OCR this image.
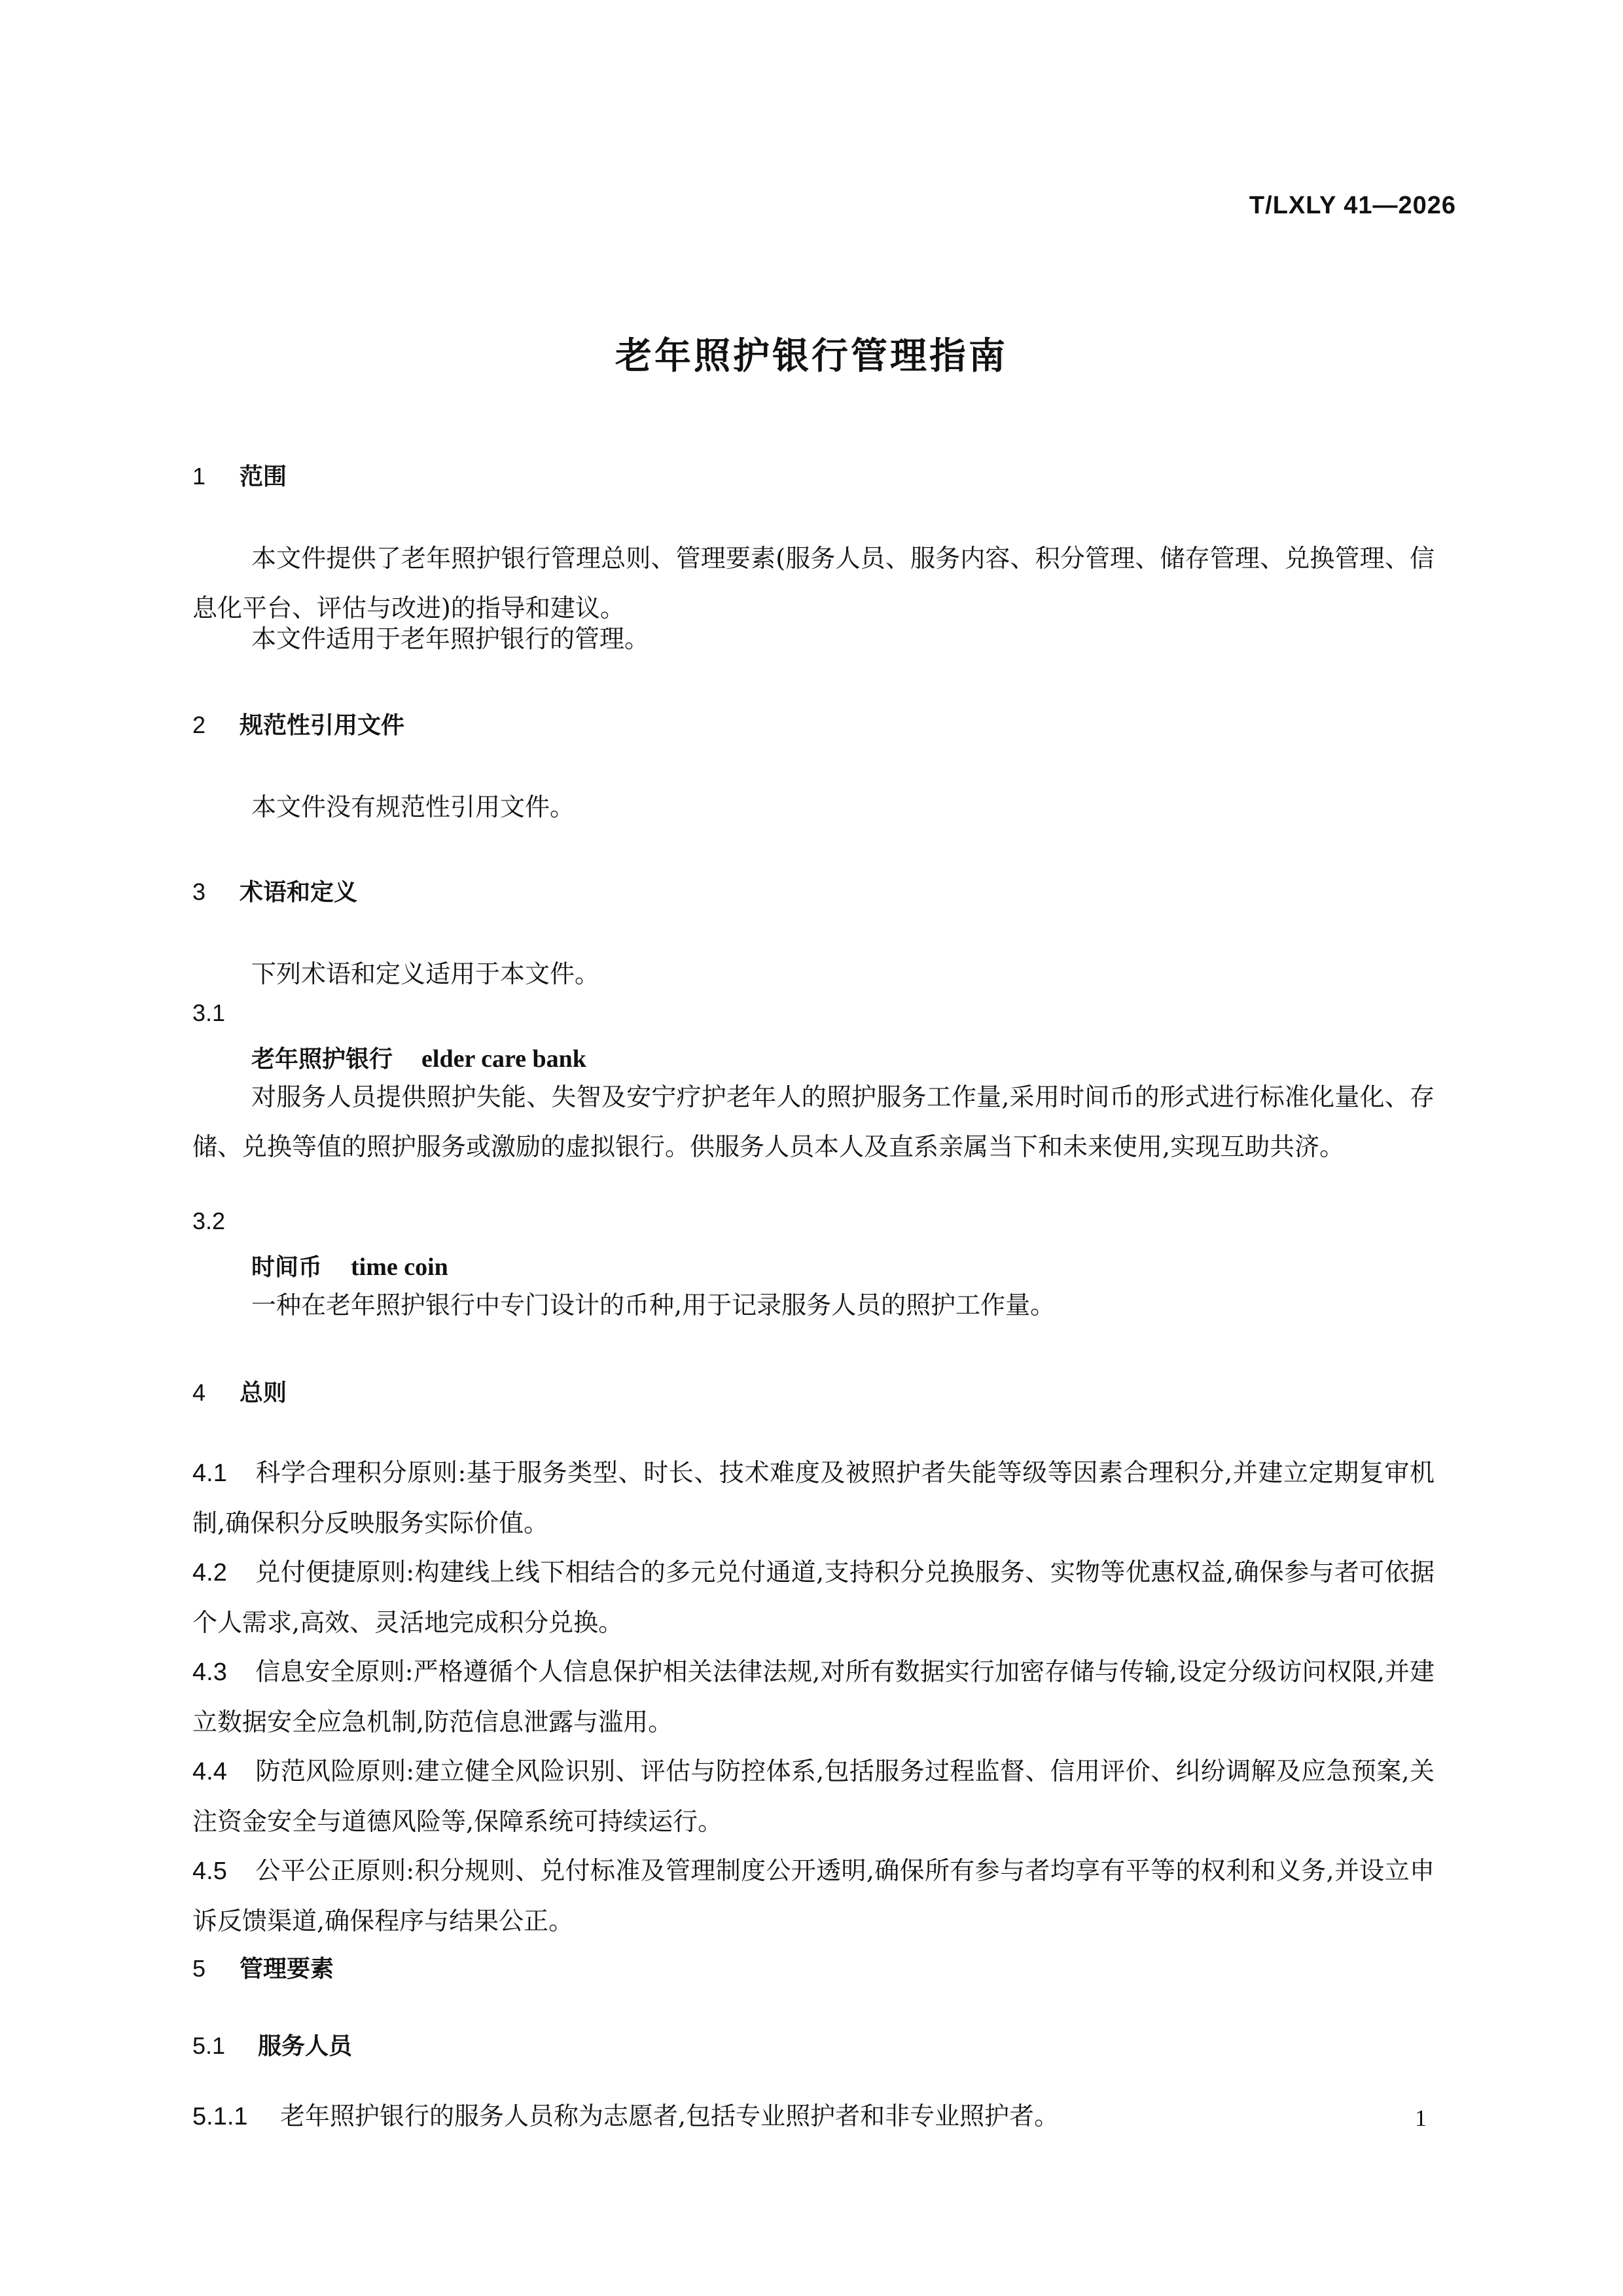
T/LXLY 41—2026
老年照护银行管理指南
1 范围
本文件提供了老年照护银行管理总则、管理要素(服务人员、服务内容、积分管理、储存管理、兑换管理、信息化平台、评估与改进)的指导和建议。
本文件适用于老年照护银行的管理。
2 规范性引用文件
本文件没有规范性引用文件。
3 术语和定义
下列术语和定义适用于本文件。
3.1
老年照护银行 elder care bank
对服务人员提供照护失能、失智及安宁疗护老年人的照护服务工作量,采用时间币的形式进行标准化量化、存储、兑换等值的照护服务或激励的虚拟银行。供服务人员本人及直系亲属当下和未来使用,实现互助共济。
3.2
时间币 time coin
一种在老年照护银行中专门设计的币种,用于记录服务人员的照护工作量。
4 总则
4.1 科学合理积分原则:基于服务类型、时长、技术难度及被照护者失能等级等因素合理积分,并建立定期复审机制,确保积分反映服务实际价值。
4.2 兑付便捷原则:构建线上线下相结合的多元兑付通道,支持积分兑换服务、实物等优惠权益,确保参与者可依据个人需求,高效、灵活地完成积分兑换。
4.3 信息安全原则:严格遵循个人信息保护相关法律法规,对所有数据实行加密存储与传输,设定分级访问权限,并建立数据安全应急机制,防范信息泄露与滥用。
4.4 防范风险原则:建立健全风险识别、评估与防控体系,包括服务过程监督、信用评价、纠纷调解及应急预案,关注资金安全与道德风险等,保障系统可持续运行。
4.5 公平公正原则:积分规则、兑付标准及管理制度公开透明,确保所有参与者均享有平等的权利和义务,并设立申诉反馈渠道,确保程序与结果公正。
5 管理要素
5.1 服务人员
5.1.1 老年照护银行的服务人员称为志愿者,包括专业照护者和非专业照护者。	1
